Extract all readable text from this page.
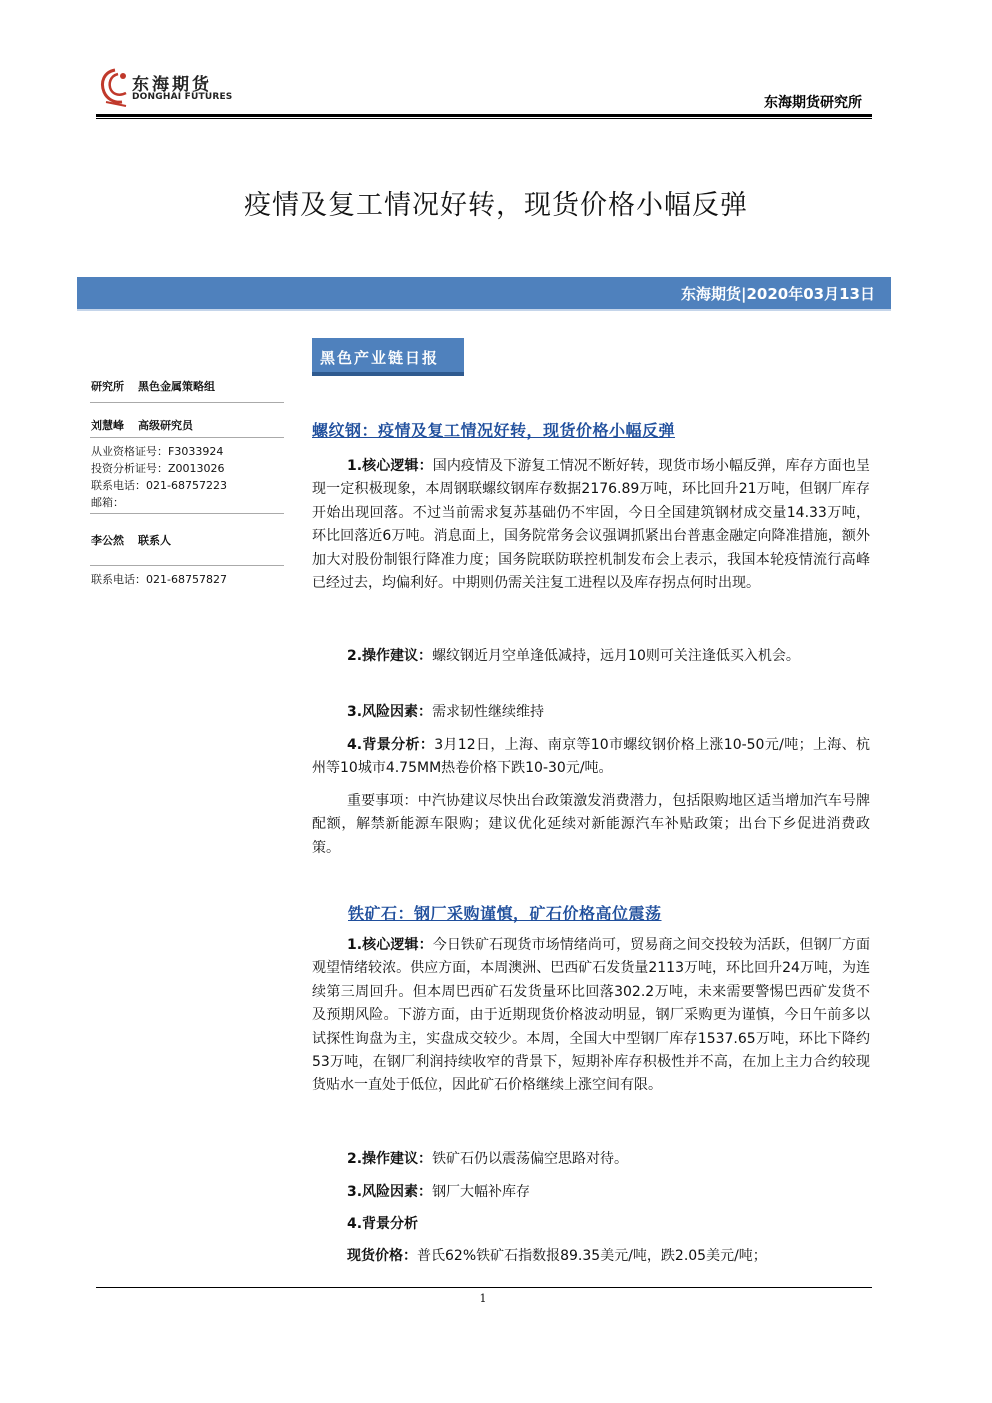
东海期货
DONGHAI FUTURES	东海期货研究所
疫情及复工情况好转，现货价格小幅反弹
东海期货|2020年03月13日
黑色产业链日报
研究所 黑色金属策略组
刘慧峰 高级研究员
从业资格证号：F3033924
投资分析证号：Z0013026
联系电话：021-68757223
邮箱：
李公然 联系人
联系电话：021-68757827
螺纹钢：疫情及复工情况好转，现货价格小幅反弹
1.核心逻辑：国内疫情及下游复工情况不断好转，现货市场小幅反弹，库存方面也呈现一定积极现象，本周钢联螺纹钢库存数据2176.89万吨，环比回升21万吨，但钢厂库存开始出现回落。不过当前需求复苏基础仍不牢固，今日全国建筑钢材成交量14.33万吨，环比回落近6万吨。消息面上，国务院常务会议强调抓紧出台普惠金融定向降准措施，额外加大对股份制银行降准力度；国务院联防联控机制发布会上表示，我国本轮疫情流行高峰已经过去，均偏利好。中期则仍需关注复工进程以及库存拐点何时出现。
2.操作建议：螺纹钢近月空单逢低减持，远月10则可关注逢低买入机会。
3.风险因素：需求韧性继续维持
4.背景分析：3月12日，上海、南京等10市螺纹钢价格上涨10-50元/吨；上海、杭州等10城市4.75MM热卷价格下跌10-30元/吨。
重要事项：中汽协建议尽快出台政策激发消费潜力，包括限购地区适当增加汽车号牌配额，解禁新能源车限购；建议优化延续对新能源汽车补贴政策；出台下乡促进消费政策。
铁矿石：钢厂采购谨慎，矿石价格高位震荡
1.核心逻辑：今日铁矿石现货市场情绪尚可，贸易商之间交投较为活跃，但钢厂方面观望情绪较浓。供应方面，本周澳洲、巴西矿石发货量2113万吨，环比回升24万吨，为连续第三周回升。但本周巴西矿石发货量环比回落302.2万吨，未来需要警惕巴西矿发货不及预期风险。下游方面，由于近期现货价格波动明显，钢厂采购更为谨慎，今日午前多以试探性询盘为主，实盘成交较少。本周，全国大中型钢厂库存1537.65万吨，环比下降约53万吨，在钢厂利润持续收窄的背景下，短期补库存积极性并不高，在加上主力合约较现货贴水一直处于低位，因此矿石价格继续上涨空间有限。
2.操作建议：铁矿石仍以震荡偏空思路对待。
3.风险因素：钢厂大幅补库存
4.背景分析
现货价格：普氏62%铁矿石指数报89.35美元/吨，跌2.05美元/吨；
1
